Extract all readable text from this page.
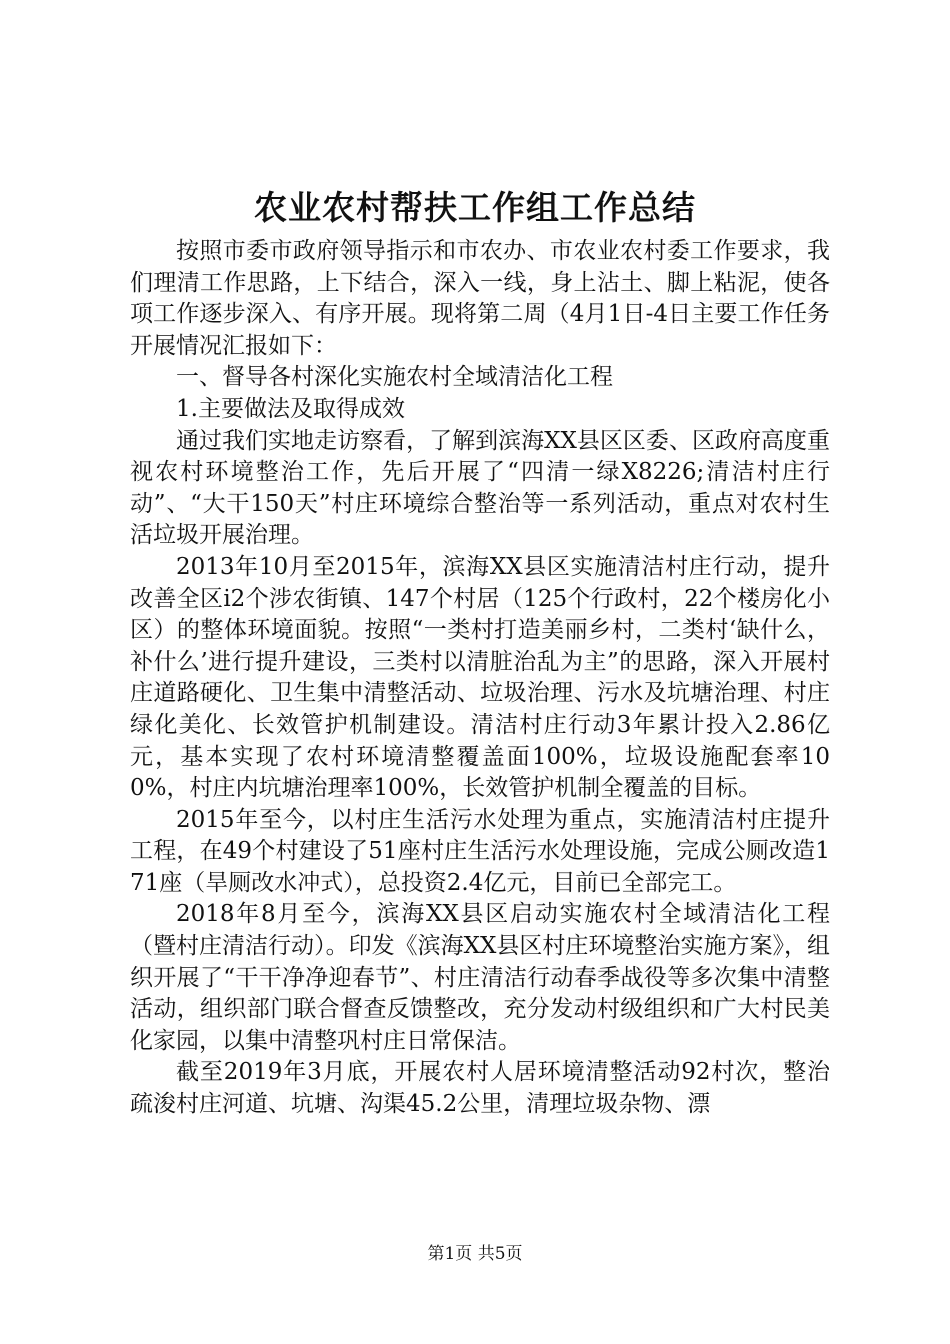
农业农村帮扶工作组工作总结

按照市委市政府领导指示和市农办、市农业农村委工作要求，我们理清工作思路，上下结合，深入一线，身上沾土、脚上粘泥，使各项工作逐步深入、有序开展。现将第二周（4月1日-4日主要工作任务开展情况汇报如下：

一、督导各村深化实施农村全域清洁化工程

1.主要做法及取得成效

通过我们实地走访察看，了解到滨海XX县区区委、区政府高度重视农村环境整治工作，先后开展了“四清一绿X8226;清洁村庄行动”、“大干150天”村庄环境综合整治等一系列活动，重点对农村生活垃圾开展治理。

2013年10月至2015年，滨海XX县区实施清洁村庄行动，提升改善全区i2个涉农街镇、147个村居（125个行政村，22个楼房化小区）的整体环境面貌。按照“一类村打造美丽乡村，二类村‘缺什么，补什么’进行提升建设，三类村以清脏治乱为主”的思路，深入开展村庄道路硬化、卫生集中清整活动、垃圾治理、污水及坑塘治理、村庄绿化美化、长效管护机制建设。清洁村庄行动3年累计投入2.86亿元，基本实现了农村环境清整覆盖面100%，垃圾设施配套率100%，村庄内坑塘治理率100%，长效管护机制全覆盖的目标。

2015年至今，以村庄生活污水处理为重点，实施清洁村庄提升工程，在49个村建设了51座村庄生活污水处理设施，完成公厕改造171座（旱厕改水冲式），总投资2.4亿元，目前已全部完工。

2018年8月至今，滨海XX县区启动实施农村全域清洁化工程（暨村庄清洁行动）。印发《滨海XX县区村庄环境整治实施方案》，组织开展了“干干净净迎春节”、村庄清洁行动春季战役等多次集中清整活动，组织部门联合督查反馈整改，充分发动村级组织和广大村民美化家园，以集中清整巩村庄日常保洁。

截至2019年3月底，开展农村人居环境清整活动92村次，整治疏浚村庄河道、坑塘、沟渠45.2公里，清理垃圾杂物、漂

第1页 共5页
